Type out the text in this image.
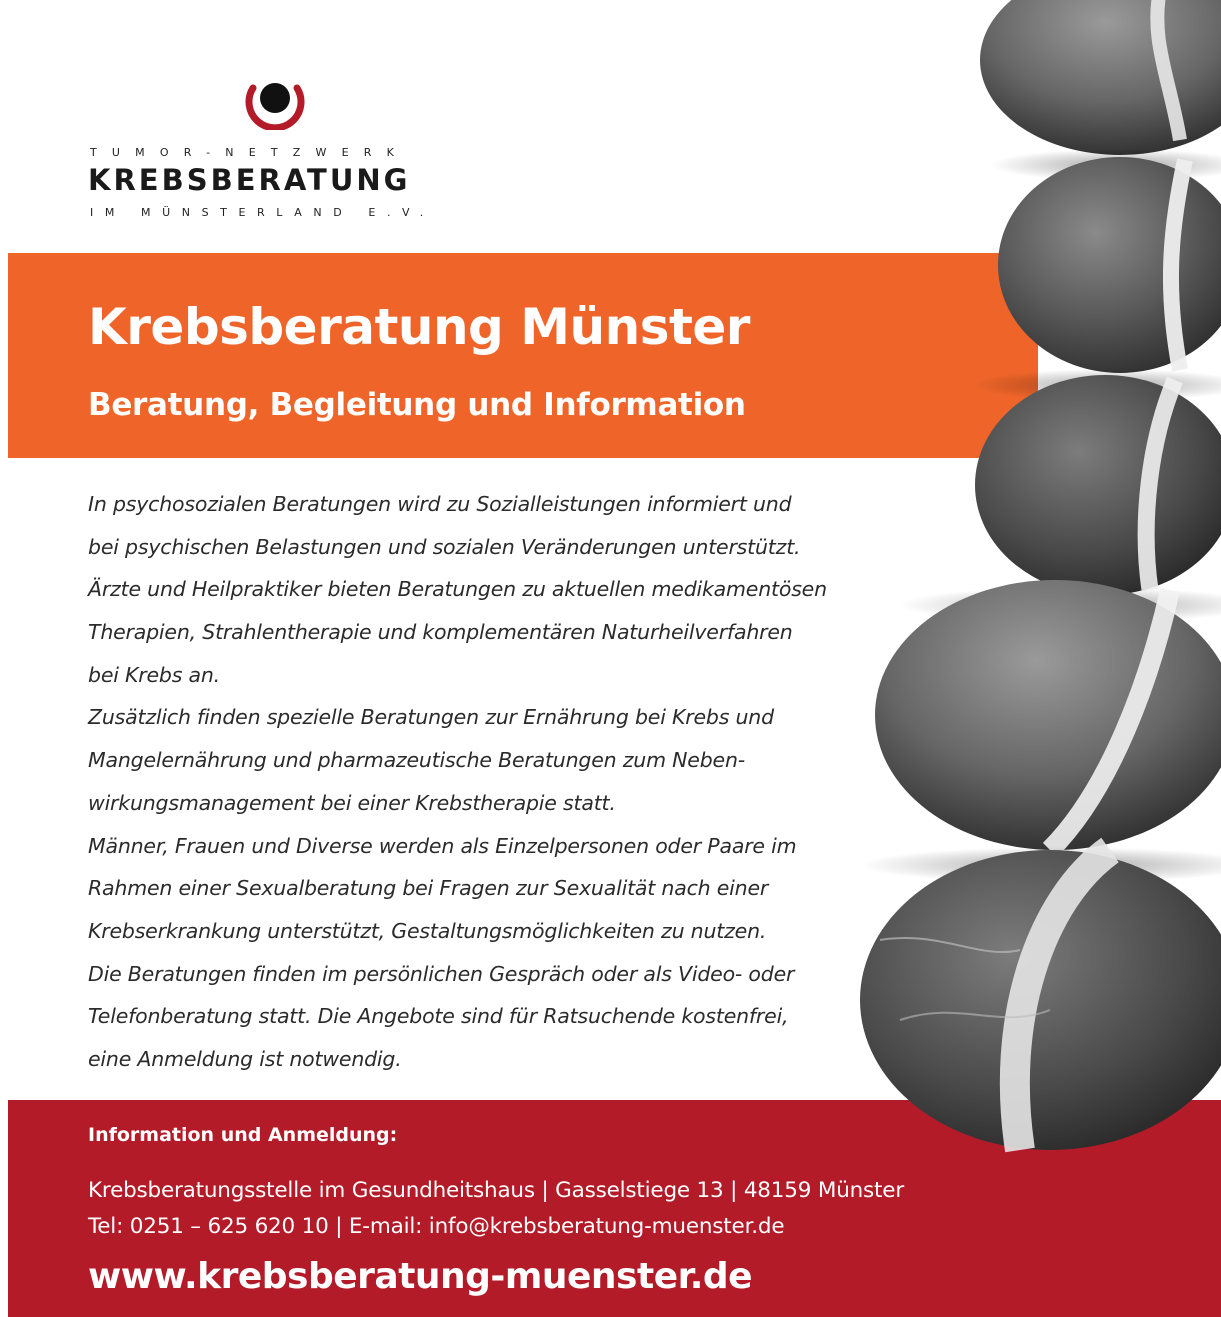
TUMOR-NETZWERK
KREBSBERATUNG
IM MÜNSTERLAND E.V.
Krebsberatung Münster
Beratung, Begleitung und Information
In psychosozialen Beratungen wird zu Sozialleistungen informiert und
bei psychischen Belastungen und sozialen Veränderungen unterstützt.
Ärzte und Heilpraktiker bieten Beratungen zu aktuellen medikamentösen
Therapien, Strahlentherapie und komplementären Naturheilverfahren
bei Krebs an.
Zusätzlich finden spezielle Beratungen zur Ernährung bei Krebs und
Mangelernährung und pharmazeutische Beratungen zum Neben-
wirkungsmanagement bei einer Krebstherapie statt.
Männer, Frauen und Diverse werden als Einzelpersonen oder Paare im
Rahmen einer Sexualberatung bei Fragen zur Sexualität nach einer
Krebserkrankung unterstützt, Gestaltungsmöglichkeiten zu nutzen.
Die Beratungen finden im persönlichen Gespräch oder als Video- oder
Telefonberatung statt. Die Angebote sind für Ratsuchende kostenfrei,
eine Anmeldung ist notwendig.
Information und Anmeldung:
Krebsberatungsstelle im Gesundheitshaus | Gasselstiege 13 | 48159 Münster
Tel: 0251 – 625 620 10 | E-mail: info@krebsberatung-muenster.de
www.krebsberatung-muenster.de
